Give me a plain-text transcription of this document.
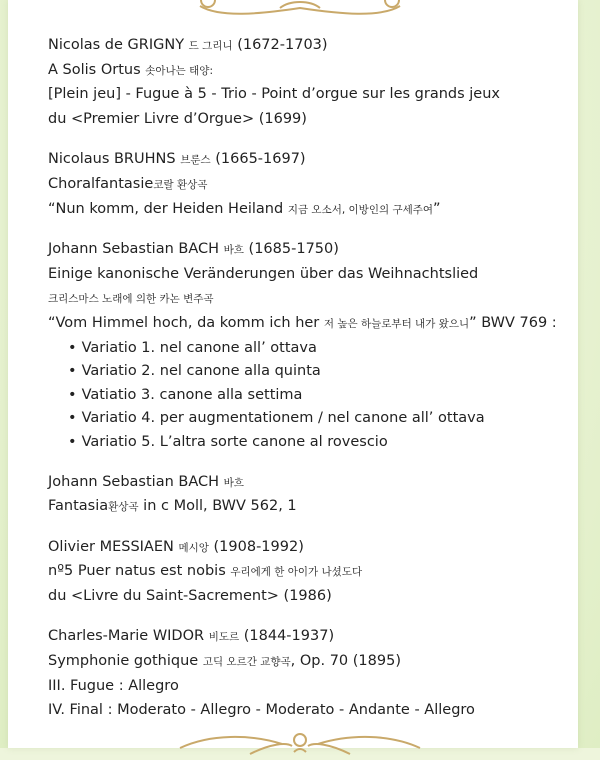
Nicolas de GRIGNY 드 그리니 (1672-1703)
A Solis Ortus 솟아나는 태양:
[Plein jeu] - Fugue à 5 - Trio - Point d’orgue sur les grands jeux
du <Premier Livre d’Orgue> (1699)
Nicolaus BRUHNS 브룬스 (1665-1697)
Choralfantasie코랄 환상곡
“Nun komm, der Heiden Heiland 지금 오소서, 이방인의 구세주여”
Johann Sebastian BACH 바흐 (1685-1750)
Einige kanonische Veränderungen über das Weihnachtslied
크리스마스 노래에 의한 카논 변주곡
“Vom Himmel hoch, da komm ich her 저 높은 하늘로부터 내가 왔으니” BWV 769 :
• Variatio 1. nel canone all’ ottava
• Variatio 2. nel canone alla quinta
• Vatiatio 3. canone alla settima
• Variatio 4. per augmentationem / nel canone all’ ottava
• Variatio 5. L’altra sorte canone al rovescio
Johann Sebastian BACH 바흐
Fantasia환상곡 in c Moll, BWV 562, 1
Olivier MESSIAEN 메시앙 (1908-1992)
nº5 Puer natus est nobis 우리에게 한 아이가 나셨도다
du <Livre du Saint-Sacrement> (1986)
Charles-Marie WIDOR 비도르 (1844-1937)
Symphonie gothique 고딕 오르간 교향곡, Op. 70 (1895)
III. Fugue : Allegro
IV. Final : Moderato - Allegro - Moderato - Andante - Allegro
